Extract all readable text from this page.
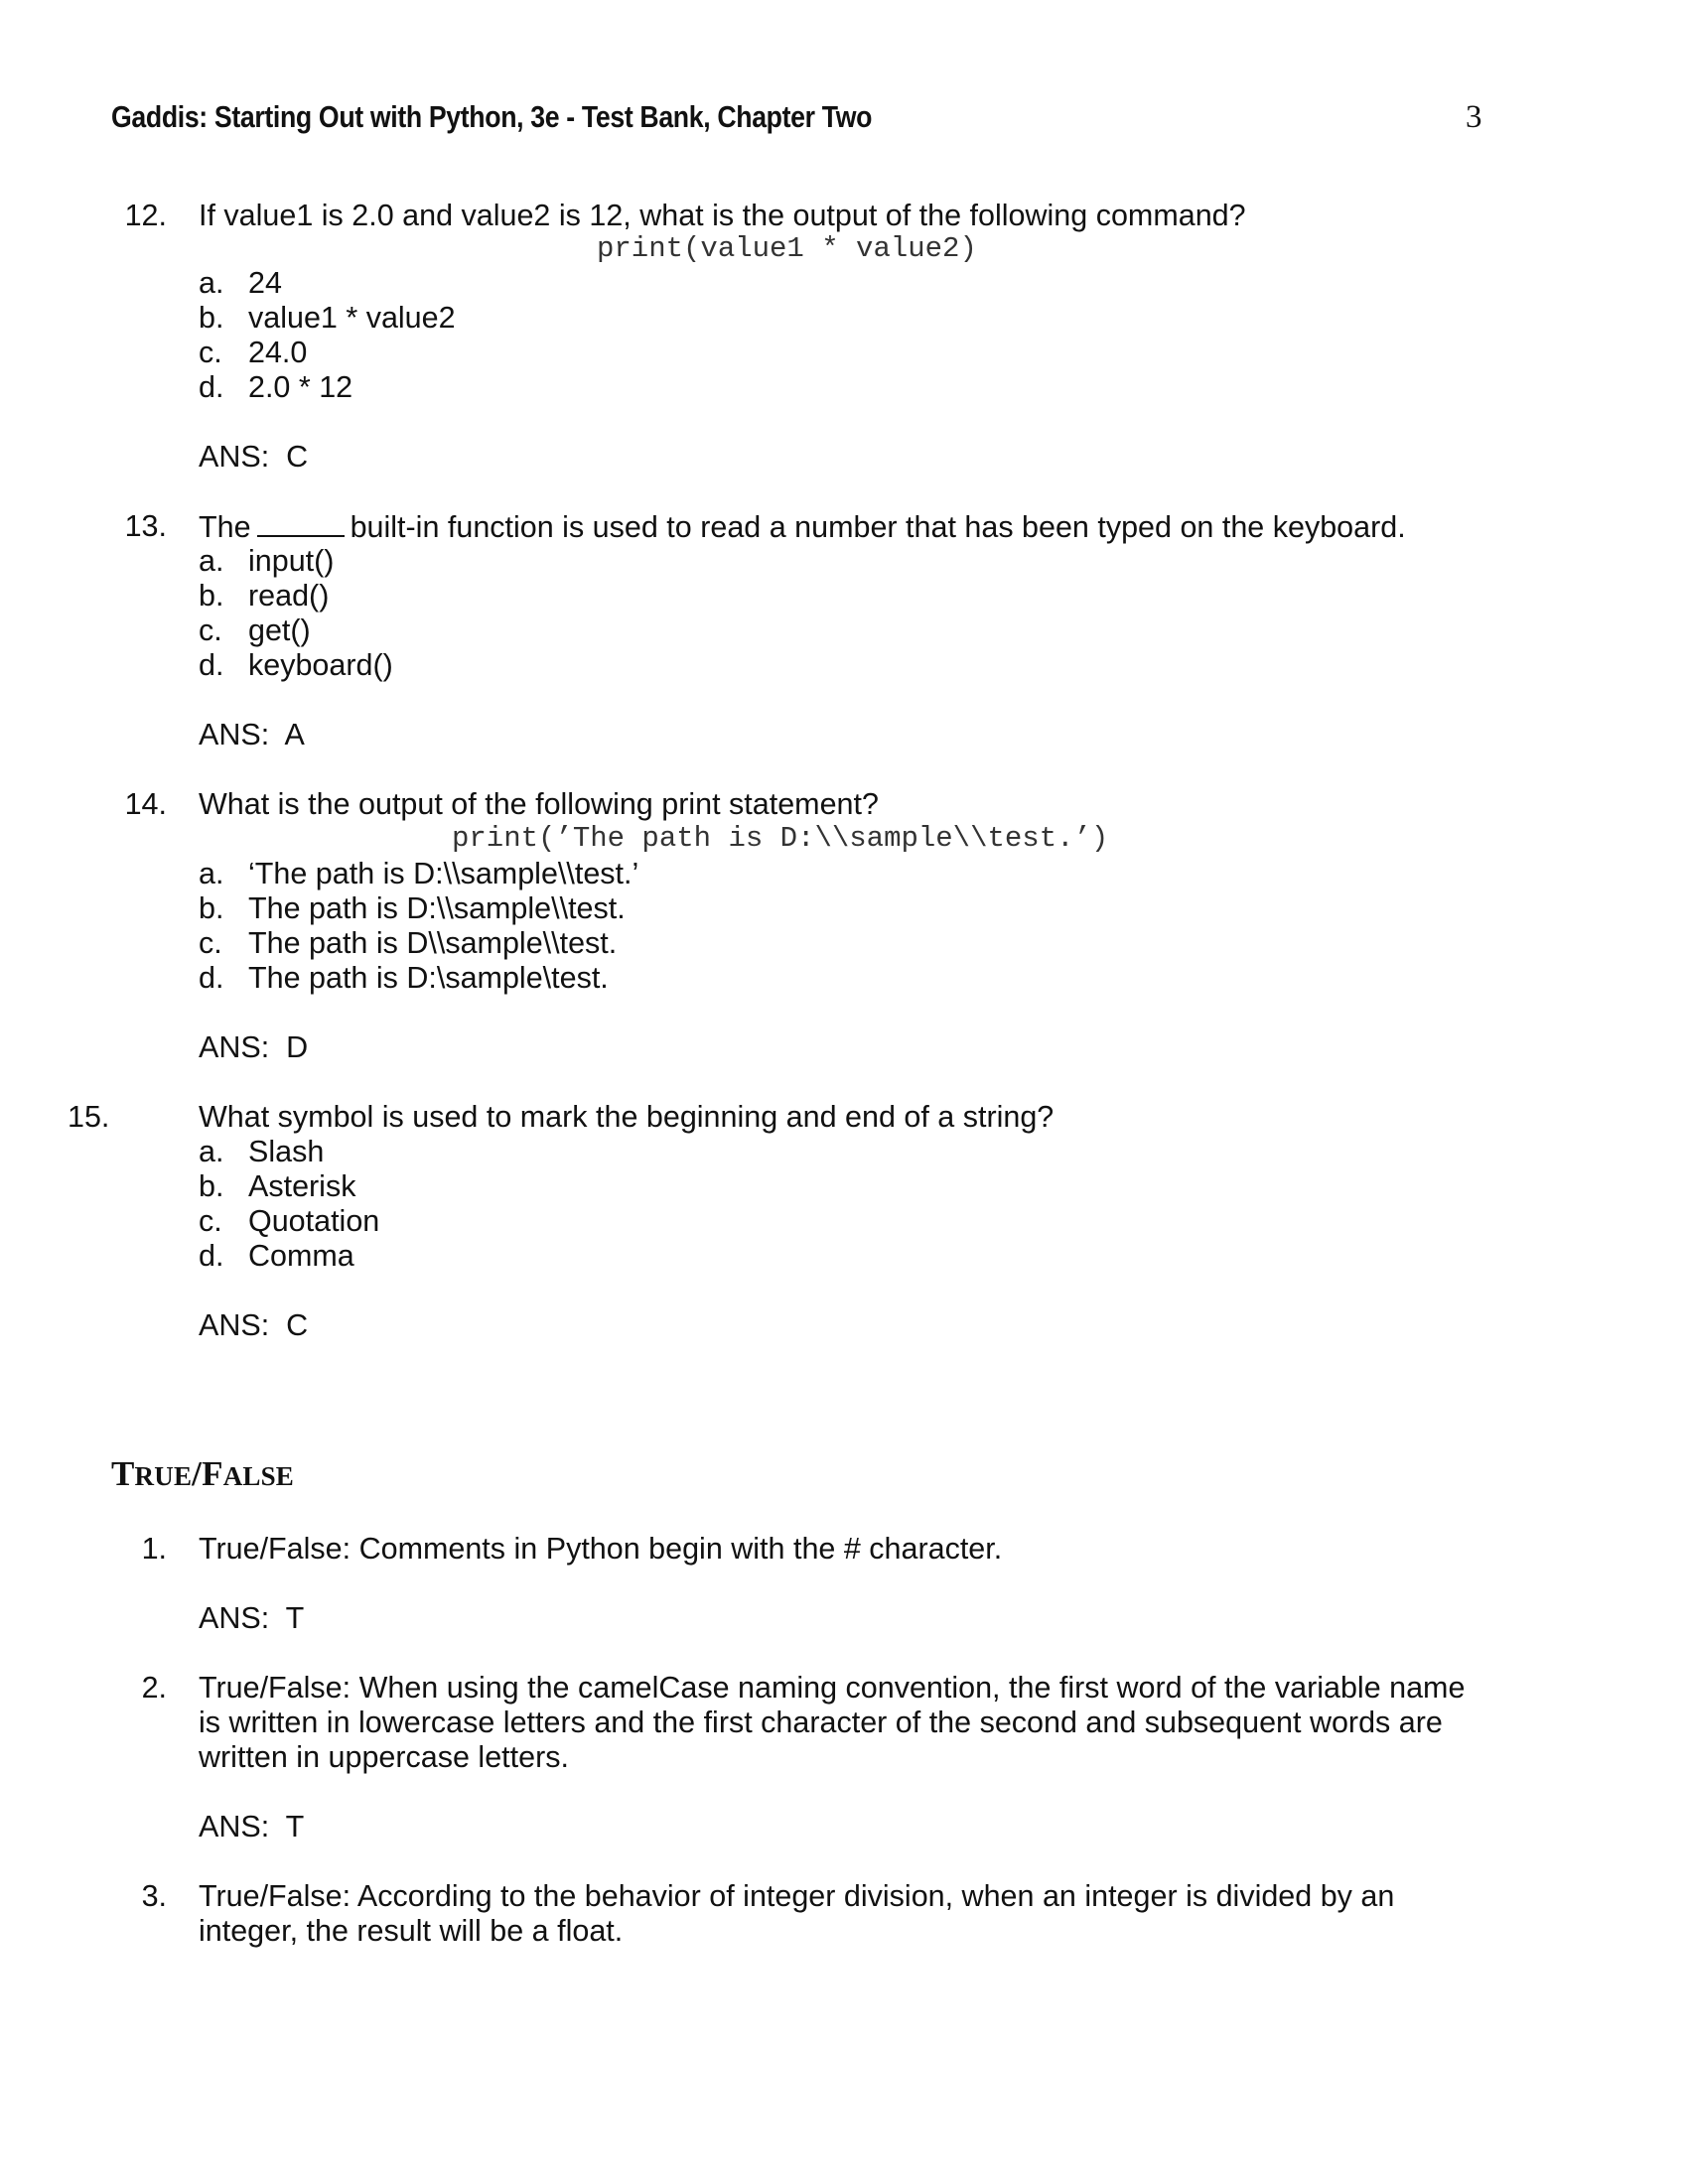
Gaddis: Starting Out with Python, 3e - Test Bank, Chapter Two	3
12. If value1 is 2.0 and value2 is 12, what is the output of the following command?
print(value1 * value2)
a. 24
b. value1 * value2
c. 24.0
d. 2.0 * 12
ANS:  C
13. The	built-in function is used to read a number that has been typed on the keyboard.
a. input()
b. read()
c. get()
d. keyboard()
ANS:  A
14. What is the output of the following print statement?
print(’The path is D:\\sample\\test.’)
a. ‘The path is D:\\sample\\test.’
b. The path is D:\\sample\\test.
c. The path is D\\sample\\test.
d. The path is D:\sample\test.
ANS:  D
15.	What symbol is used to mark the beginning and end of a string?
a. Slash
b. Asterisk
c. Quotation
d. Comma
ANS:  C
TRUE/FALSE
1. True/False: Comments in Python begin with the # character.
ANS:  T
2. True/False: When using the camelCase naming convention, the first word of the variable name
is written in lowercase letters and the first character of the second and subsequent words are
written in uppercase letters.
ANS:  T
3. True/False: According to the behavior of integer division, when an integer is divided by an
integer, the result will be a float.
